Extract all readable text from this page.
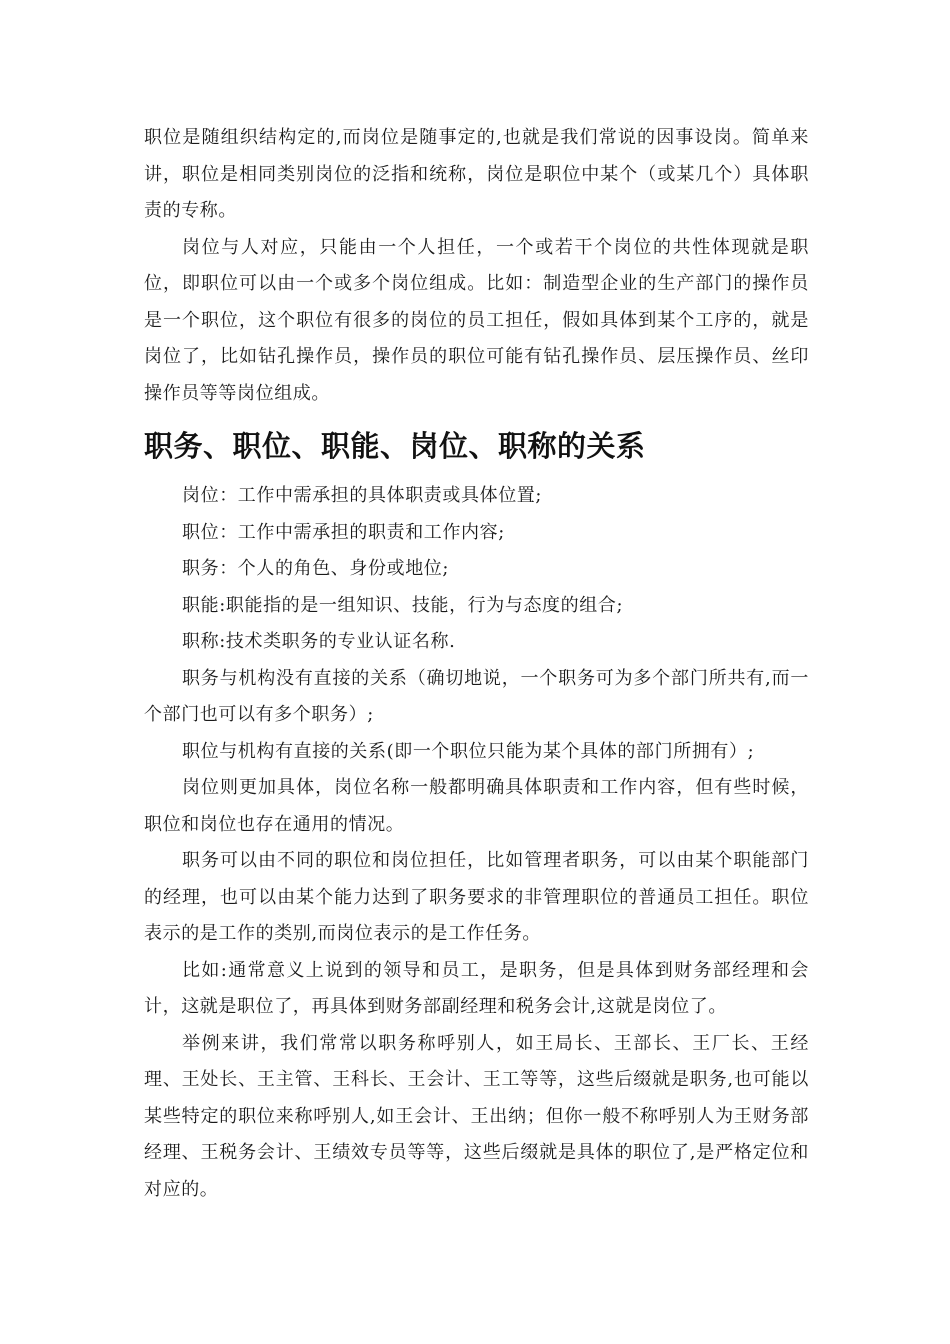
职位是随组织结构定的,而岗位是随事定的,也就是我们常说的因事设岗。简单来讲，职位是相同类别岗位的泛指和统称，岗位是职位中某个（或某几个）具体职责的专称。

岗位与人对应，只能由一个人担任，一个或若干个岗位的共性体现就是职位，即职位可以由一个或多个岗位组成。比如：制造型企业的生产部门的操作员是一个职位，这个职位有很多的岗位的员工担任，假如具体到某个工序的，就是岗位了，比如钻孔操作员，操作员的职位可能有钻孔操作员、层压操作员、丝印操作员等等岗位组成。

职务、职位、职能、岗位、职称的关系

岗位：工作中需承担的具体职责或具体位置;

职位：工作中需承担的职责和工作内容;

职务：个人的角色、身份或地位;

职能:职能指的是一组知识、技能，行为与态度的组合;

职称:技术类职务的专业认证名称.

职务与机构没有直接的关系（确切地说，一个职务可为多个部门所共有,而一个部门也可以有多个职务）;

职位与机构有直接的关系(即一个职位只能为某个具体的部门所拥有）;

岗位则更加具体，岗位名称一般都明确具体职责和工作内容，但有些时候，职位和岗位也存在通用的情况。

职务可以由不同的职位和岗位担任，比如管理者职务，可以由某个职能部门的经理，也可以由某个能力达到了职务要求的非管理职位的普通员工担任。职位表示的是工作的类别,而岗位表示的是工作任务。

比如:通常意义上说到的领导和员工，是职务，但是具体到财务部经理和会计，这就是职位了，再具体到财务部副经理和税务会计,这就是岗位了。

举例来讲，我们常常以职务称呼别人，如王局长、王部长、王厂长、王经理、王处长、王主管、王科长、王会计、王工等等，这些后缀就是职务,也可能以某些特定的职位来称呼别人,如王会计、王出纳；但你一般不称呼别人为王财务部经理、王税务会计、王绩效专员等等，这些后缀就是具体的职位了,是严格定位和对应的。
